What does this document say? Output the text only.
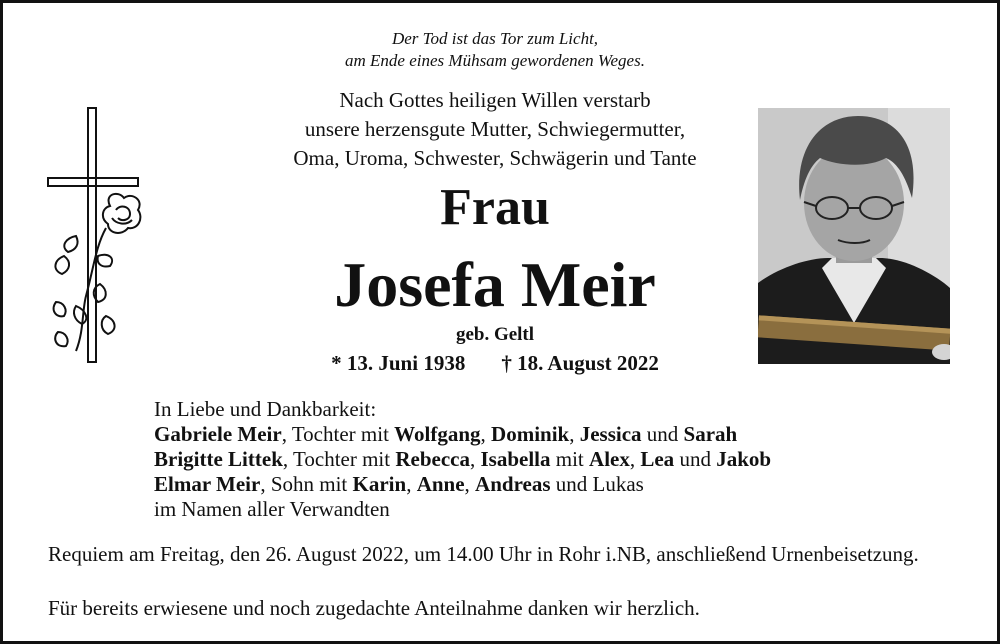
Der Tod ist das Tor zum Licht,
am Ende eines Mühsam gewordenen Weges.
Nach Gottes heiligen Willen verstarb
unsere herzensgute Mutter, Schwiegermutter,
Oma, Uroma, Schwester, Schwägerin und Tante
Frau
Josefa Meir
geb. Geltl
* 13. Juni 1938 † 18. August 2022
In Liebe und Dankbarkeit:
Gabriele Meir, Tochter mit Wolfgang, Dominik, Jessica und Sarah
Brigitte Littek, Tochter mit Rebecca, Isabella mit Alex, Lea und Jakob
Elmar Meir, Sohn mit Karin, Anne, Andreas und Lukas
im Namen aller Verwandten
Requiem am Freitag, den 26. August 2022, um 14.00 Uhr in Rohr i.NB, anschließend Urnenbeisetzung.
Für bereits erwiesene und noch zugedachte Anteilnahme danken wir herzlich.
